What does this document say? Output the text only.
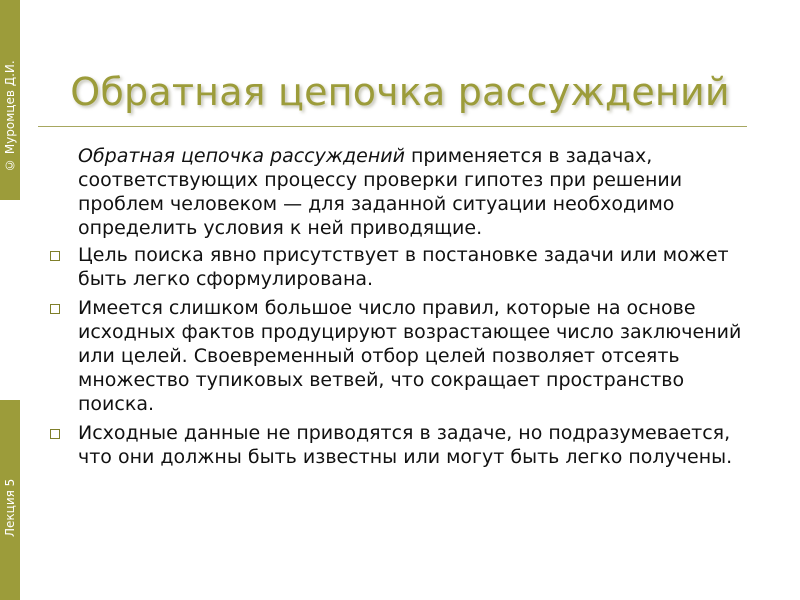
© Муромцев Д.И.
Лекция 5
Обратная цепочка рассуждений

Обратная цепочка рассуждений применяется в задачах, соответствующих процессу проверки гипотез при решении проблем человеком — для заданной ситуации необходимо определить условия к ней приводящие.

Цель поиска явно присутствует в постановке задачи или может быть легко сформулирована.
Имеется слишком большое число правил, которые на основе исходных фактов продуцируют возрастающее число заключений или целей. Своевременный отбор целей позволяет отсеять множество тупиковых ветвей, что сокращает пространство поиска.
Исходные данные не приводятся в задаче, но подразумевается, что они должны быть известны или могут быть легко получены.
